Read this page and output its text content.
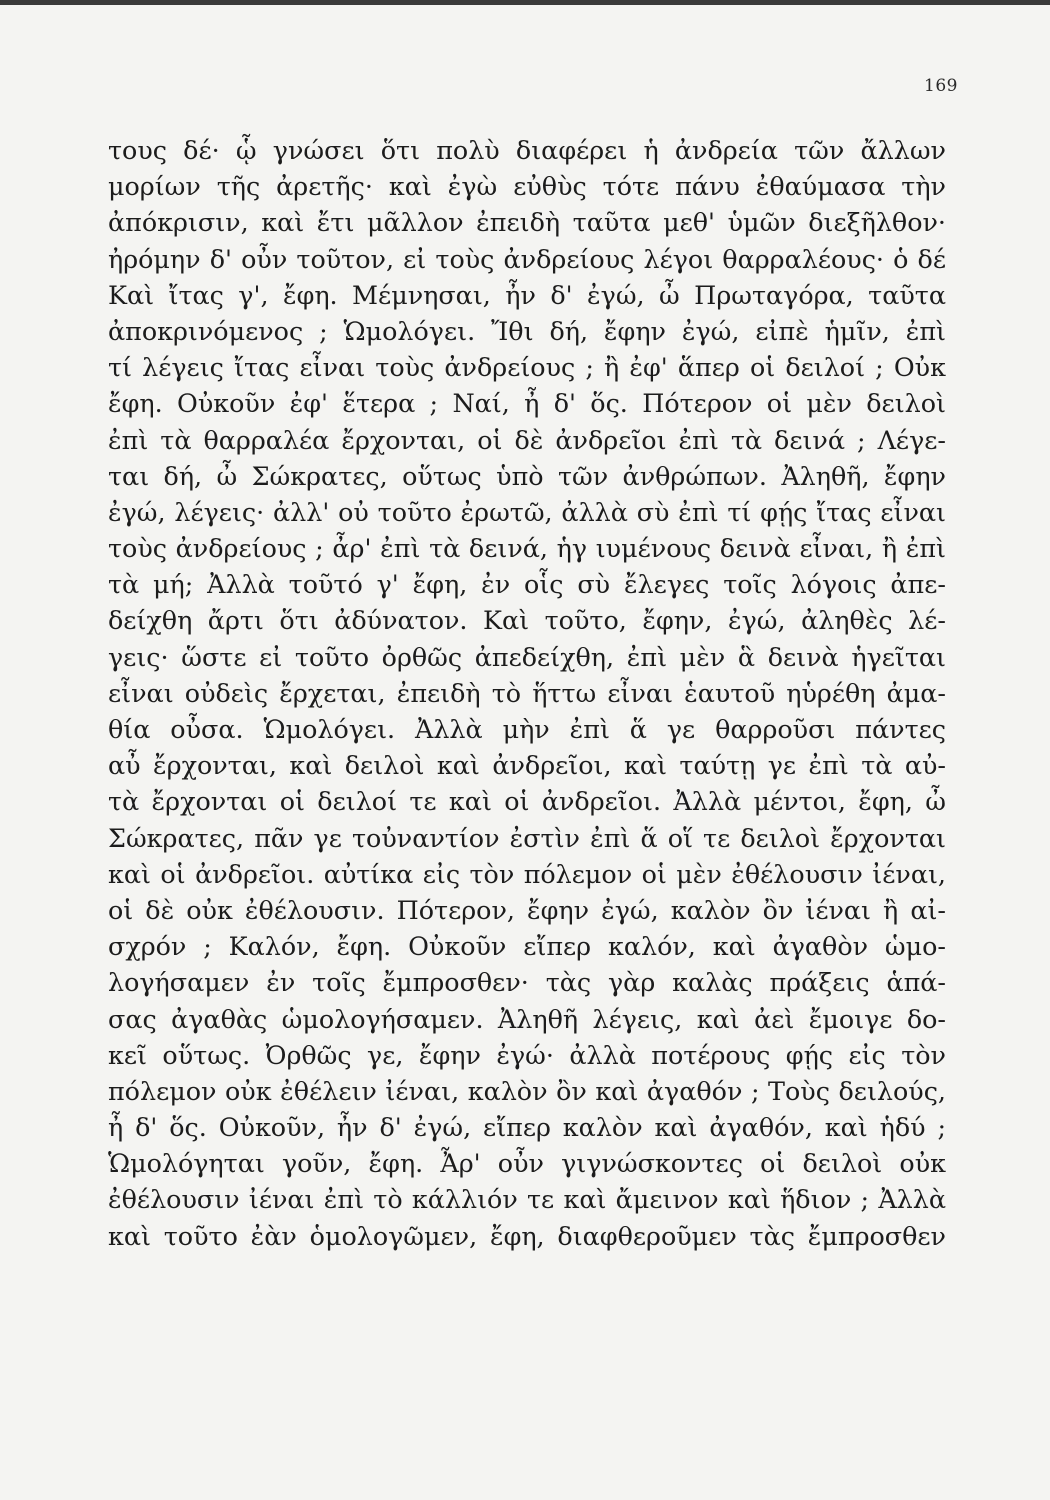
169
τους δέ· ᾧ γνώσει ὅτι πολὺ διαφέρει ἡ ἀνδρεία τῶν ἄλλων
μορίων τῆς ἀρετῆς· καὶ ἐγὼ εὐθὺς τότε πάνυ ἐθαύμασα τὴν
ἀπόκρισιν, καὶ ἔτι μᾶλλον ἐπειδὴ ταῦτα μεθ' ὑμῶν διεξῆλθον·
ἠρόμην δ' οὖν τοῦτον, εἰ τοὺς ἀνδρείους λέγοι θαρραλέους· ὁ δέ
Καὶ ἴτας γ', ἔφη. Μέμνησαι, ἦν δ' ἐγώ, ὦ Πρωταγόρα, ταῦτα
ἀποκρινόμενος ; Ὡμολόγει. Ἴθι δή, ἔφην ἐγώ, εἰπὲ ἡμῖν, ἐπὶ
τί λέγεις ἴτας εἶναι τοὺς ἀνδρείους ; ἢ ἐφ' ἅπερ οἱ δειλοί ; Οὐκ
ἔφη. Οὐκοῦν ἐφ' ἕτερα ; Ναί, ἦ δ' ὅς. Πότερον οἱ μὲν δειλοὶ
ἐπὶ τὰ θαρραλέα ἔρχονται, οἱ δὲ ἀνδρεῖοι ἐπὶ τὰ δεινά ; Λέγε-
ται δή, ὦ Σώκρατες, οὕτως ὑπὸ τῶν ἀνθρώπων. Ἀληθῆ, ἔφην
ἐγώ, λέγεις· ἀλλ' οὐ τοῦτο ἐρωτῶ, ἀλλὰ σὺ ἐπὶ τί φῄς ἴτας εἶναι
τοὺς ἀνδρείους ; ἆρ' ἐπὶ τὰ δεινά, ἡγ ιυμένους δεινὰ εἶναι, ἢ ἐπὶ
τὰ μή; Ἀλλὰ τοῦτό γ' ἔφη, ἐν οἷς σὺ ἔλεγες τοῖς λόγοις ἀπε-
δείχθη ἄρτι ὅτι ἀδύνατον. Καὶ τοῦτο, ἔφην, ἐγώ, ἀληθὲς λέ-
γεις· ὥστε εἰ τοῦτο ὀρθῶς ἀπεδείχθη, ἐπὶ μὲν ἃ δεινὰ ἡγεῖται
εἶναι οὐδεὶς ἔρχεται, ἐπειδὴ τὸ ἥττω εἶναι ἑαυτοῦ ηὑρέθη ἀμα-
θία οὖσα. Ὡμολόγει. Ἀλλὰ μὴν ἐπὶ ἅ γε θαρροῦσι πάντες
αὖ ἔρχονται, καὶ δειλοὶ καὶ ἀνδρεῖοι, καὶ ταύτῃ γε ἐπὶ τὰ αὐ-
τὰ ἔρχονται οἱ δειλοί τε καὶ οἱ ἀνδρεῖοι. Ἀλλὰ μέντοι, ἔφη, ὦ
Σώκρατες, πᾶν γε τοὐναντίον ἐστὶν ἐπὶ ἅ οἵ τε δειλοὶ ἔρχονται
καὶ οἱ ἀνδρεῖοι. αὐτίκα εἰς τὸν πόλεμον οἱ μὲν ἐθέλουσιν ἰέναι,
οἱ δὲ οὐκ ἐθέλουσιν. Πότερον, ἔφην ἐγώ, καλὸν ὂν ἰέναι ἢ αἰ-
σχρόν ; Καλόν, ἔφη. Οὐκοῦν εἴπερ καλόν, καὶ ἀγαθὸν ὡμο-
λογήσαμεν ἐν τοῖς ἔμπροσθεν· τὰς γὰρ καλὰς πράξεις ἁπά-
σας ἀγαθὰς ὡμολογήσαμεν. Ἀληθῆ λέγεις, καὶ ἀεὶ ἔμοιγε δο-
κεῖ οὕτως. Ὀρθῶς γε, ἔφην ἐγώ· ἀλλὰ ποτέρους φῄς εἰς τὸν
πόλεμον οὐκ ἐθέλειν ἰέναι, καλὸν ὂν καὶ ἀγαθόν ; Τοὺς δειλούς,
ἦ δ' ὅς. Οὐκοῦν, ἦν δ' ἐγώ, εἴπερ καλὸν καὶ ἀγαθόν, καὶ ἡδύ ;
Ὡμολόγηται γοῦν, ἔφη. Ἆρ' οὖν γιγνώσκοντες οἱ δειλοὶ οὐκ
ἐθέλουσιν ἰέναι ἐπὶ τὸ κάλλιόν τε καὶ ἄμεινον καὶ ἥδιον ; Ἀλλὰ
καὶ τοῦτο ἐὰν ὁμολογῶμεν, ἔφη, διαφθεροῦμεν τὰς ἔμπροσθεν
